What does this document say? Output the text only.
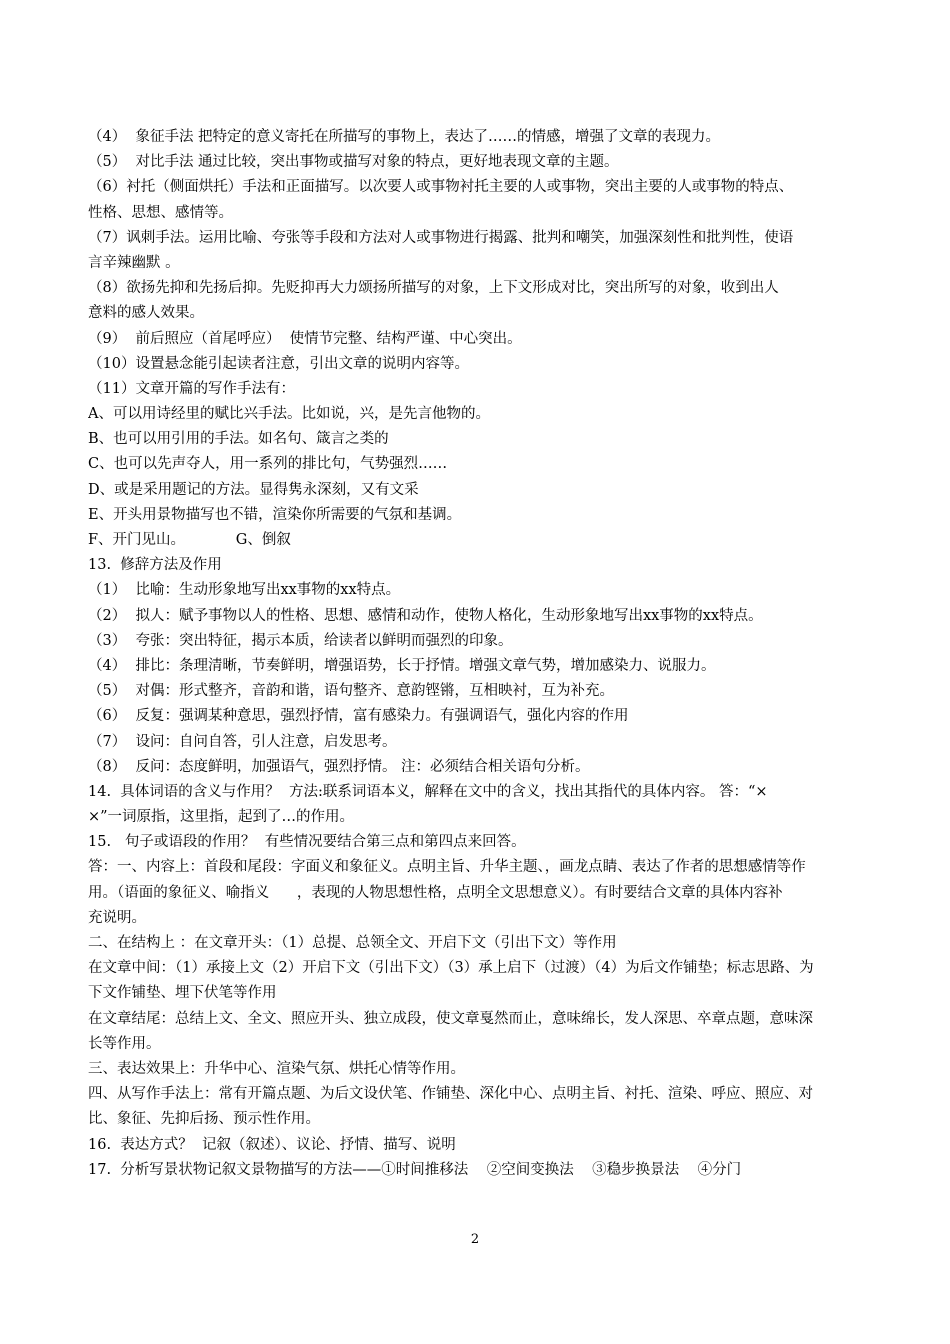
（4）  象征手法 把特定的意义寄托在所描写的事物上，表达了……的情感，增强了文章的表现力。
（5）  对比手法 通过比较，突出事物或描写对象的特点，更好地表现文章的主题。
（6）衬托（侧面烘托）手法和正面描写。以次要人或事物衬托主要的人或事物，突出主要的人或事物的特点、
性格、思想、感情等。
（7）讽刺手法。运用比喻、夸张等手段和方法对人或事物进行揭露、批判和嘲笑，加强深刻性和批判性，使语
言辛辣幽默 。
（8）欲扬先抑和先扬后抑。先贬抑再大力颂扬所描写的对象，上下文形成对比，突出所写的对象，收到出人
意料的感人效果。
（9）  前后照应（首尾呼应）  使情节完整、结构严谨、中心突出。
（10）设置悬念能引起读者注意，引出文章的说明内容等。
（11）文章开篇的写作手法有：
A、可以用诗经里的赋比兴手法。比如说，兴，是先言他物的。
B、也可以用引用的手法。如名句、箴言之类的
C、也可以先声夺人，用一系列的排比句，气势强烈……
D、或是采用题记的方法。显得隽永深刻，又有文采
E、开头用景物描写也不错，渲染你所需要的气氛和基调。
F、开门见山。           G、倒叙
13.  修辞方法及作用
（1）  比喻：生动形象地写出xx事物的xx特点。
（2）  拟人：赋予事物以人的性格、思想、感情和动作，使物人格化，生动形象地写出xx事物的xx特点。
（3）  夸张：突出特征，揭示本质，给读者以鲜明而强烈的印象。
（4）  排比：条理清晰，节奏鲜明，增强语势，长于抒情。增强文章气势，增加感染力、说服力。
（5）  对偶：形式整齐，音韵和谐，语句整齐、意韵铿锵，互相映衬，互为补充。
（6）  反复：强调某种意思，强烈抒情，富有感染力。有强调语气，强化内容的作用
（7）  设问：自问自答，引人注意，启发思考。
（8）  反问：态度鲜明，加强语气，强烈抒情。 注：必须结合相关语句分析。
14.  具体词语的含义与作用？  方法:联系词语本义，解释在文中的含义，找出其指代的具体内容。 答：“×
×”一词原指，这里指，起到了…的作用。
15.   句子或语段的作用？  有些情况要结合第三点和第四点来回答。
答：一、内容上：首段和尾段：字面义和象征义。点明主旨、升华主题、，画龙点睛、表达了作者的思想感情等作
用。（语面的象征义、喻指义      ，表现的人物思想性格，点明全文思想意义）。有时要结合文章的具体内容补
充说明。
二、在结构上 ：在文章开头：（1）总提、总领全文、开启下文（引出下文）等作用
在文章中间：（1）承接上文（2）开启下文（引出下文）（3）承上启下（过渡）（4）为后文作铺垫；标志思路、为
下文作铺垫、埋下伏笔等作用
在文章结尾：总结上文、全文、照应开头、独立成段，使文章戛然而止，意味绵长，发人深思、卒章点题，意味深
长等作用。
三、表达效果上：升华中心、渲染气氛、烘托心情等作用。
四、从写作手法上：常有开篇点题、为后文设伏笔、作铺垫、深化中心、点明主旨、衬托、渲染、呼应、照应、对
比、象征、先抑后扬、预示性作用。
16.  表达方式？  记叙（叙述）、议论、抒情、描写、说明
17.  分析写景状物记叙文景物描写的方法——①时间推移法    ②空间变换法    ③稳步换景法    ④分门
2
